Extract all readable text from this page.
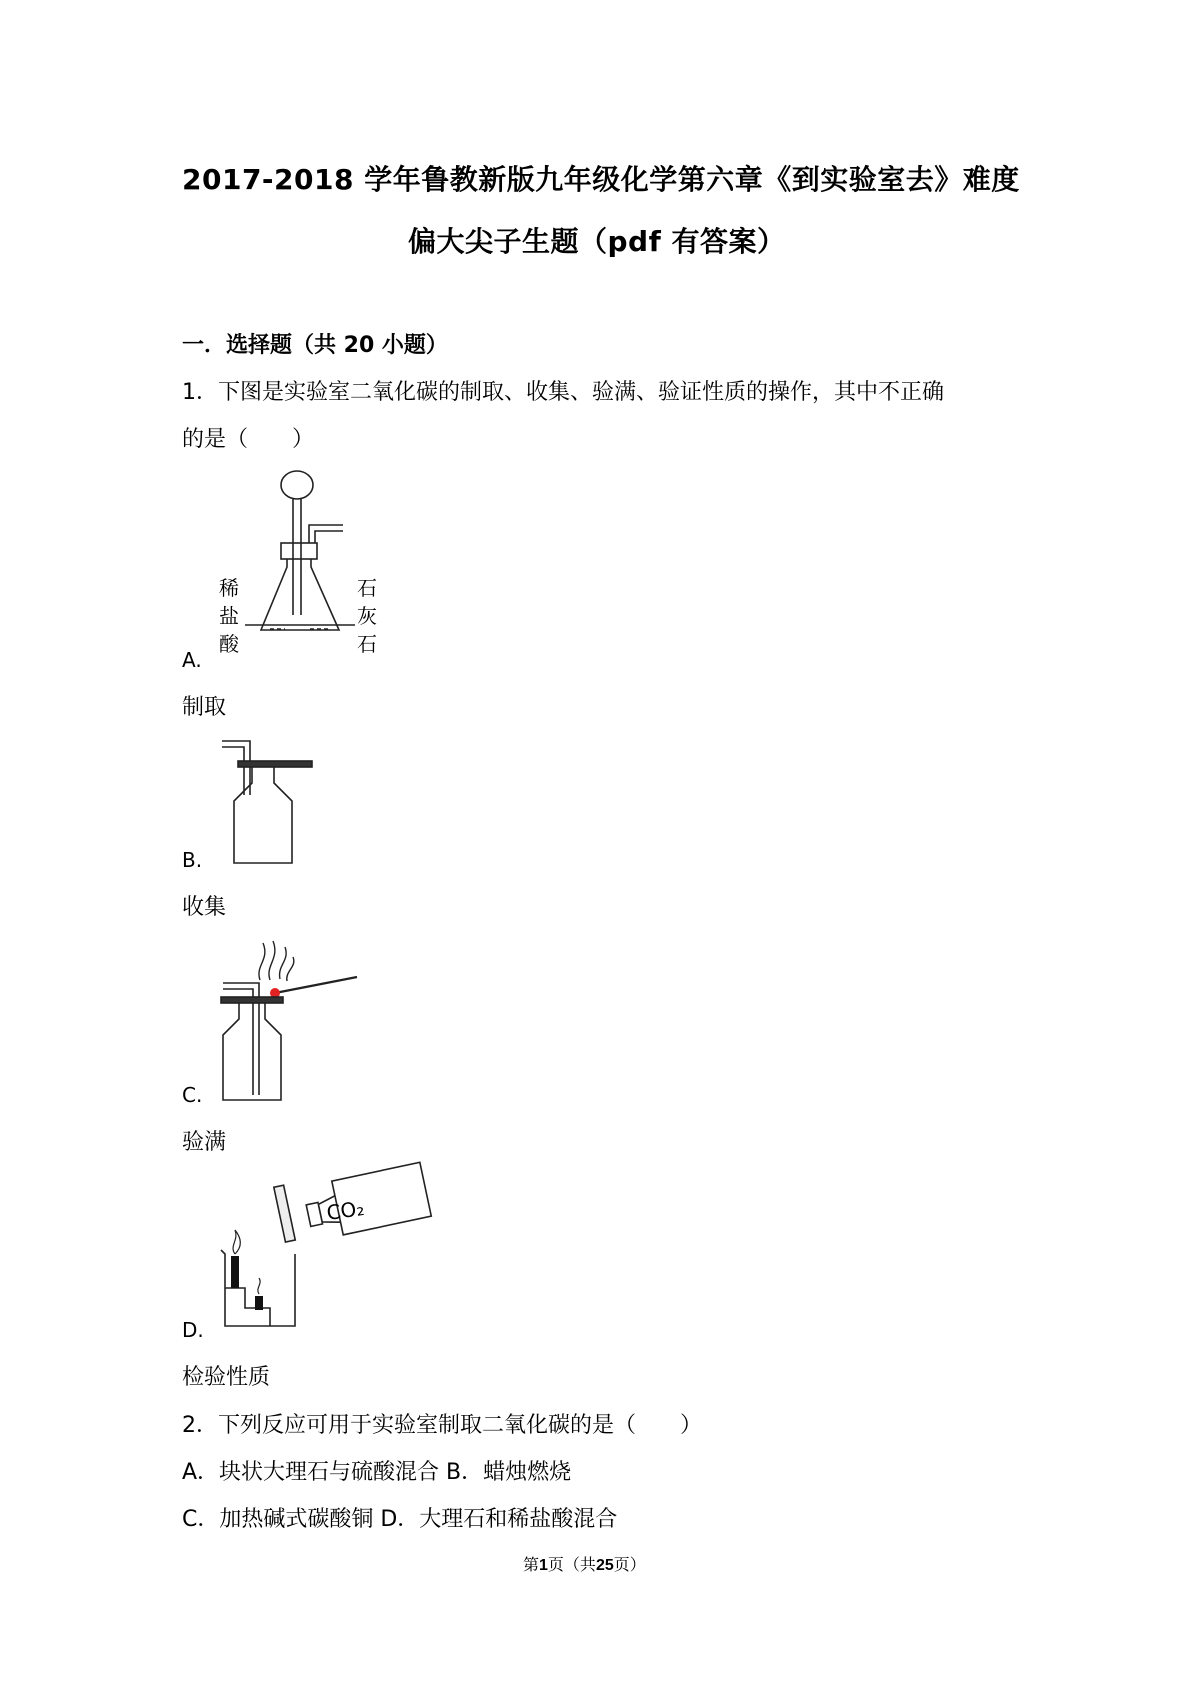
2017-2018 学年鲁教新版九年级化学第六章《到实验室去》难度
偏大尖子生题（pdf 有答案）
一．选择题（共 20 小题）
1．下图是实验室二氧化碳的制取、收集、验满、验证性质的操作，其中不正确
的是（　　）
稀
盐
酸
石
灰
石
A.
制取
B.
收集
C.
验满
CO₂
D.
检验性质
2．下列反应可用于实验室制取二氧化碳的是（　　）
A．块状大理石与硫酸混合 B．蜡烛燃烧
C．加热碱式碳酸铜 D．大理石和稀盐酸混合
第1页（共25页）
